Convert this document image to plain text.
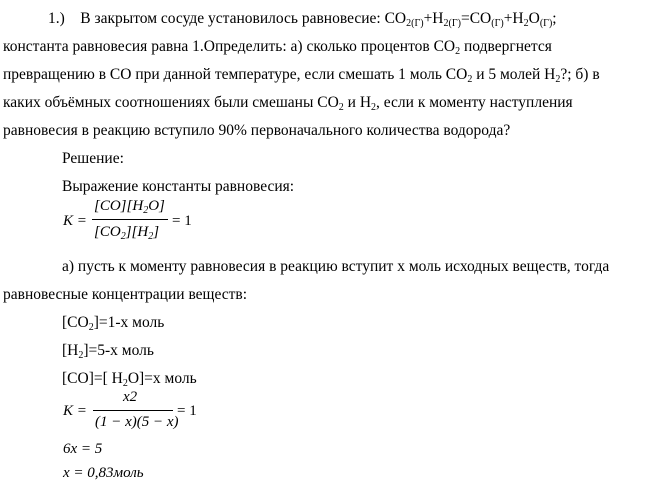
1.) В закрытом сосуде установилось равновесие: $CO_{2(Г)}+H_{2(Г)}=CO_{(Г)}+H_2O_{(Г)}$;
константа равновесия равна 1.Определить: а) сколько процентов $CO_2$ подвергнется
превращению в CO при данной температуре, если смешать 1 моль $CO_2$ и 5 молей $H_2$?; б) в
каких объёмных соотношениях были смешаны $CO_2$ и $H_2$, если к моменту наступления
равновесия в реакцию вступило 90% первоначального количества водорода?
Решение:
Выражение константы равновесия:
K =
$[CO][H_2O]$
$[CO_2][H_2]$
= 1
а) пусть к моменту равновесия в реакцию вступит х моль исходных веществ, тогда
равновесные концентрации веществ:
$[CO_2]=1-х$ моль
$[H_2]=5-х$ моль
[CO]=[ $H_2O]=х$ моль
K =
x2
(1 − x)(5 − x)
= 1
6x = 5
x = 0,83моль
